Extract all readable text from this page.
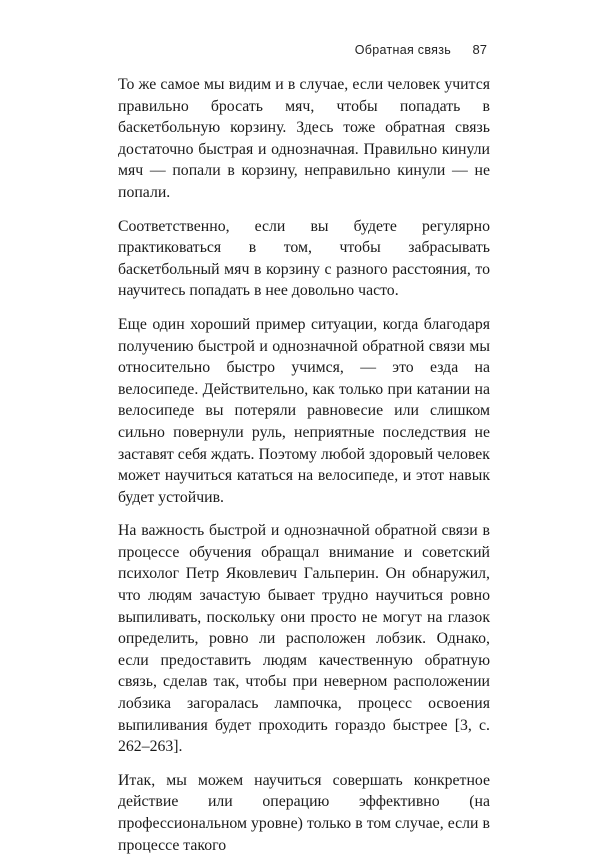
Обратная связь 87

То же самое мы видим и в случае, если человек учится правильно бросать мяч, чтобы попадать в баскетбольную корзину. Здесь тоже обратная связь достаточно быстрая и однозначная. Правильно кинули мяч — попали в корзину, неправильно кинули — не попали.

Соответственно, если вы будете регулярно практиковаться в том, чтобы забрасывать баскетбольный мяч в корзину с разного расстояния, то научитесь попадать в нее довольно часто.

Еще один хороший пример ситуации, когда благодаря получению быстрой и однозначной обратной связи мы относительно быстро учимся, — это езда на велосипеде. Действительно, как только при катании на велосипеде вы потеряли равновесие или слишком сильно повернули руль, неприятные последствия не заставят себя ждать. Поэтому любой здоровый человек может научиться кататься на велосипеде, и этот навык будет устойчив.

На важность быстрой и однозначной обратной связи в процессе обучения обращал внимание и советский психолог Петр Яковлевич Гальперин. Он обнаружил, что людям зачастую бывает трудно научиться ровно выпиливать, поскольку они просто не могут на глазок определить, ровно ли расположен лобзик. Однако, если предоставить людям качественную обратную связь, сделав так, чтобы при неверном расположении лобзика загоралась лампочка, процесс освоения выпиливания будет проходить гораздо быстрее [3, с. 262–263].

Итак, мы можем научиться совершать конкретное действие или операцию эффективно (на профессиональном уровне) только в том случае, если в процессе такого
